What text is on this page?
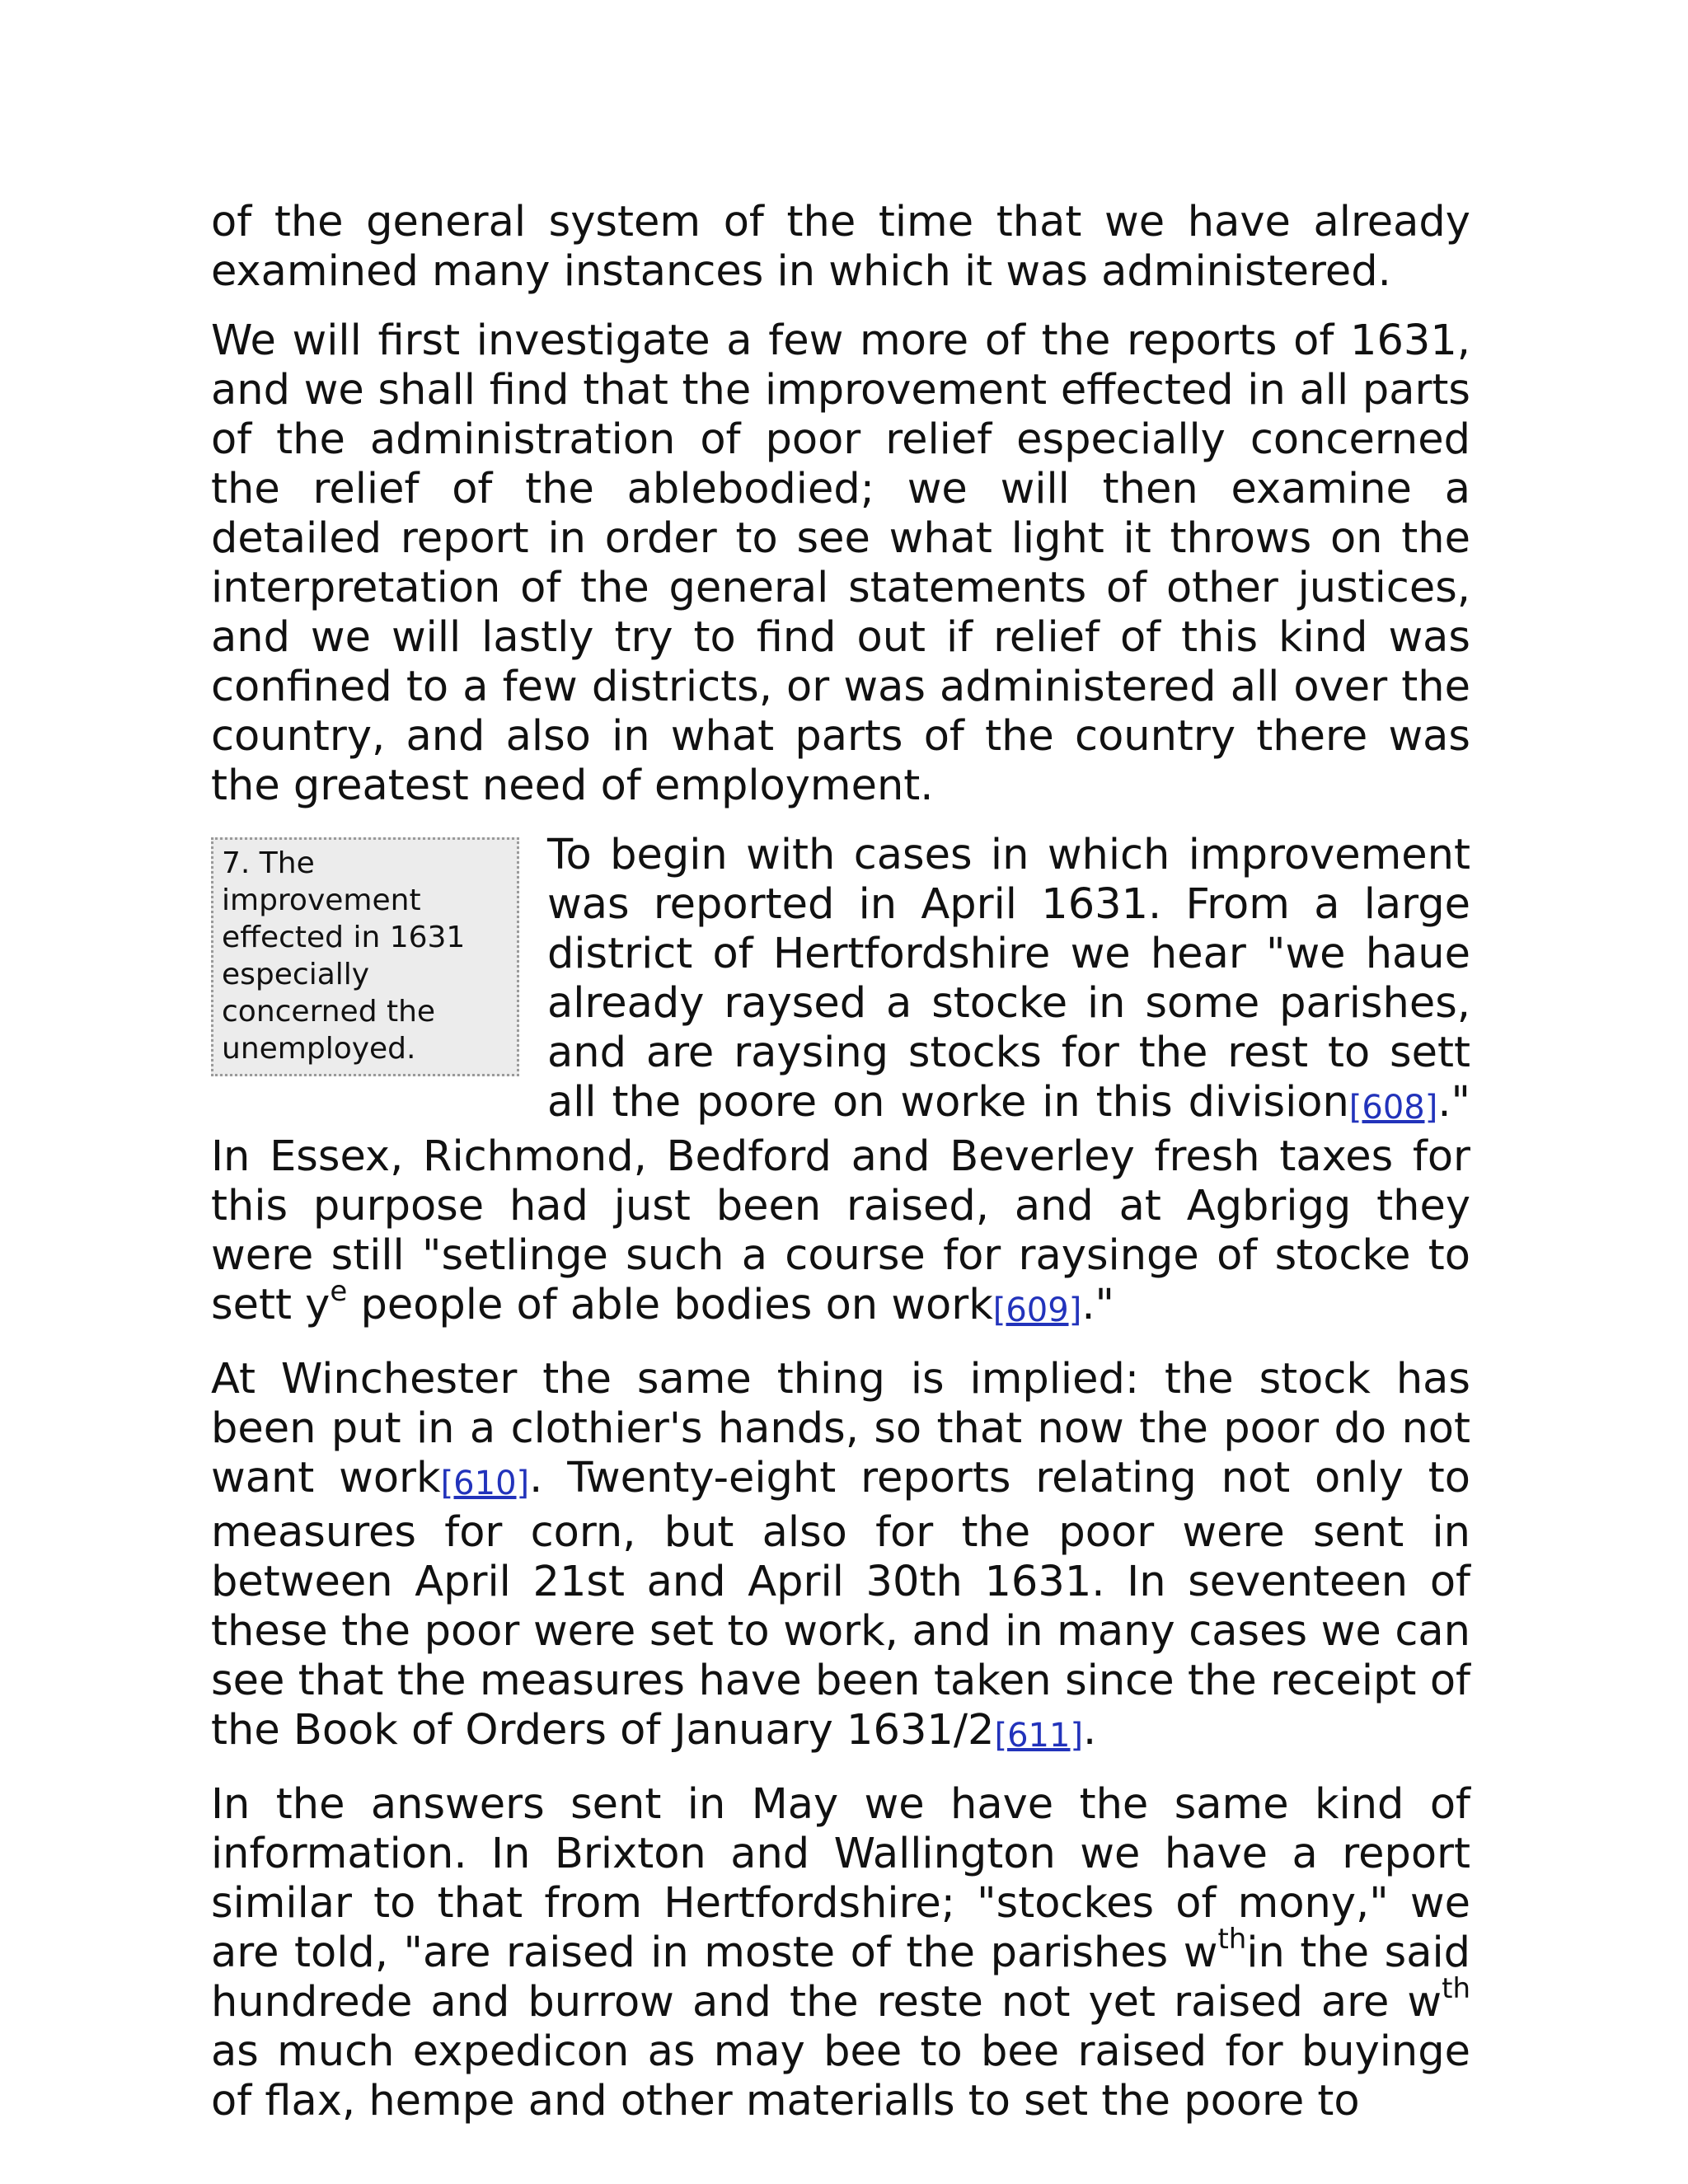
of the general system of the time that we have already examined many instances in which it was administered.

We will first investigate a few more of the reports of 1631, and we shall find that the improvement effected in all parts of the administration of poor relief especially concerned the relief of the ablebodied; we will then examine a detailed report in order to see what light it throws on the interpretation of the general statements of other justices, and we will lastly try to find out if relief of this kind was confined to a few districts, or was administered all over the country, and also in what parts of the country there was the greatest need of employment.

7. The improvement effected in 1631 especially concerned the unemployed.

To begin with cases in which improvement was reported in April 1631. From a large district of Hertfordshire we hear "we haue already raysed a stocke in some parishes, and are raysing stocks for the rest to sett all the poore on worke in this division[608]." In Essex, Richmond, Bedford and Beverley fresh taxes for this purpose had just been raised, and at Agbrigg they were still "setlinge such a course for raysinge of stocke to sett $y^e$ people of able bodies on work[609]."

At Winchester the same thing is implied: the stock has been put in a clothier's hands, so that now the poor do not want work[610]. Twenty-eight reports relating not only to measures for corn, but also for the poor were sent in between April 21st and April 30th 1631. In seventeen of these the poor were set to work, and in many cases we can see that the measures have been taken since the receipt of the Book of Orders of January 1631/2[611].

In the answers sent in May we have the same kind of information. In Brixton and Wallington we have a report similar to that from Hertfordshire; "stockes of mony," we are told, "are raised in moste of the parishes $w^{th}in$ the said hundrede and burrow and the reste not yet raised are $w^{th}$ as much expedicon as may bee to bee raised for buyinge of flax, hempe and other materialls to set the poore to
